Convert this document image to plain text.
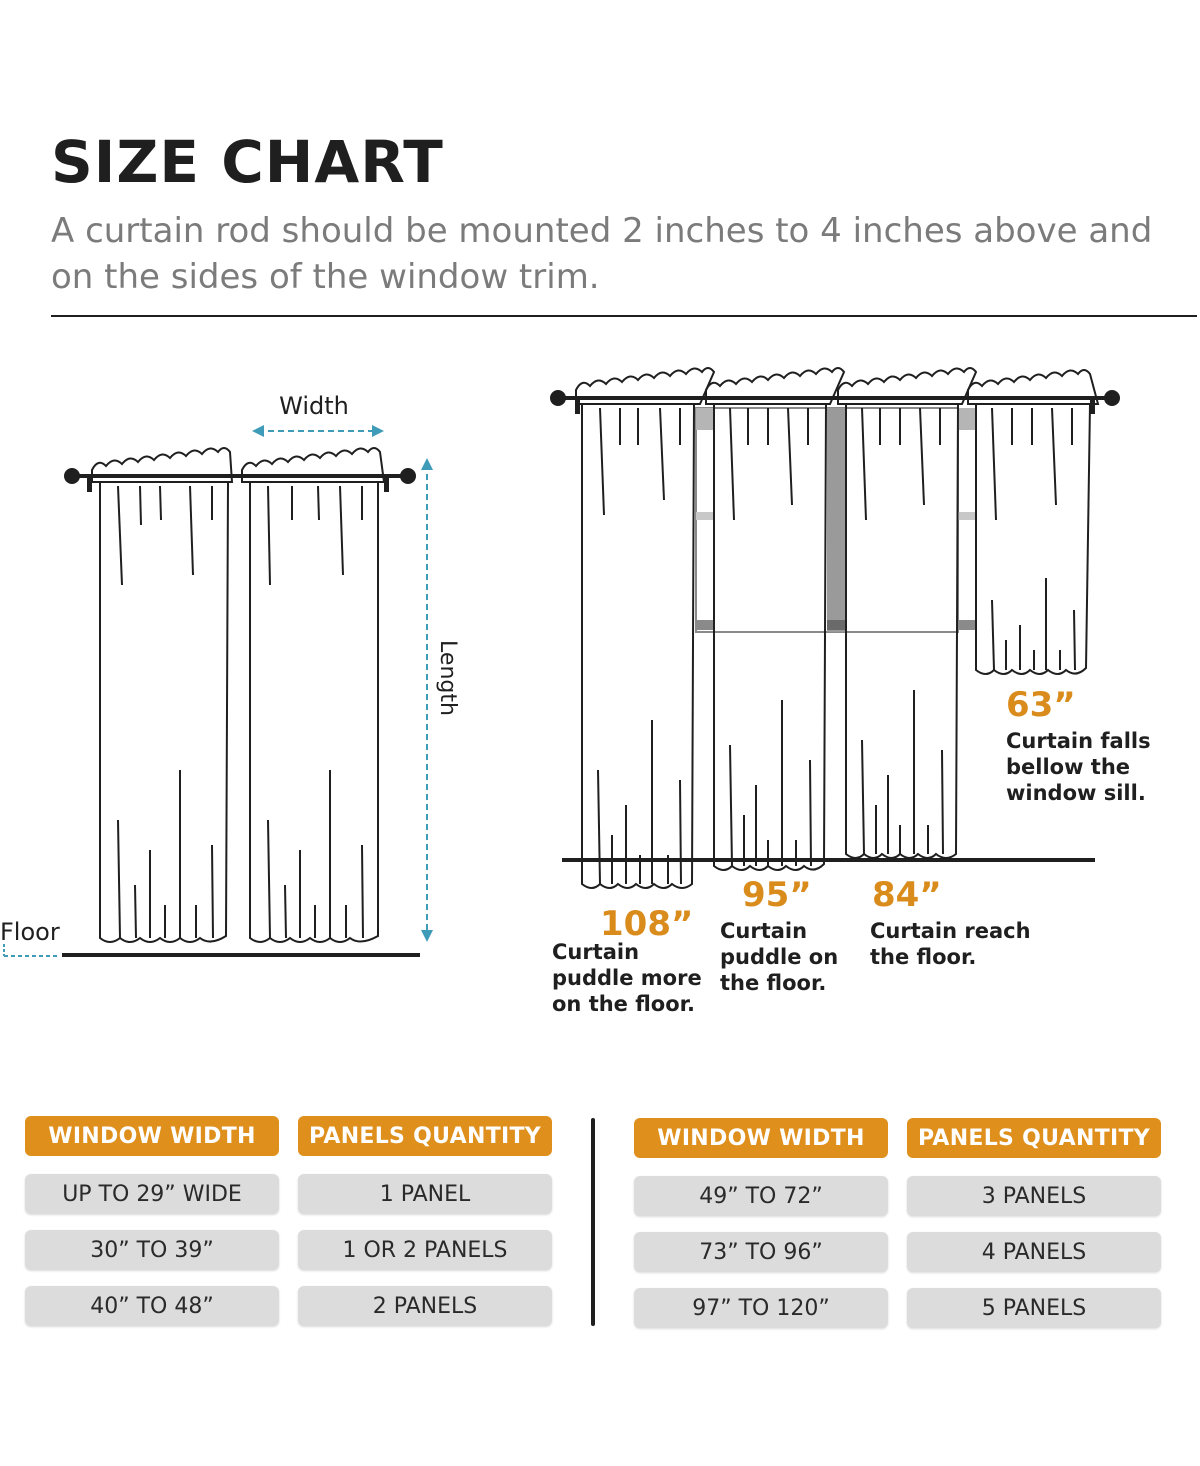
SIZE CHART
A curtain rod should be mounted 2 inches to 4 inches above and on the sides of the window trim.
Floor
Width
Length
108”
Curtain
puddle more
on the floor.
95”
Curtain
puddle on
the floor.
84”
Curtain reach
the floor.
63”
Curtain falls
bellow the
window sill.
WINDOW WIDTH	PANELS QUANTITY
UP TO 29” WIDE	1 PANEL
30” TO 39”	1 OR 2 PANELS
40” TO 48”	2 PANELS
WINDOW WIDTH	PANELS QUANTITY
49” TO 72”	3 PANELS
73” TO 96”	4 PANELS
97” TO 120”	5 PANELS
